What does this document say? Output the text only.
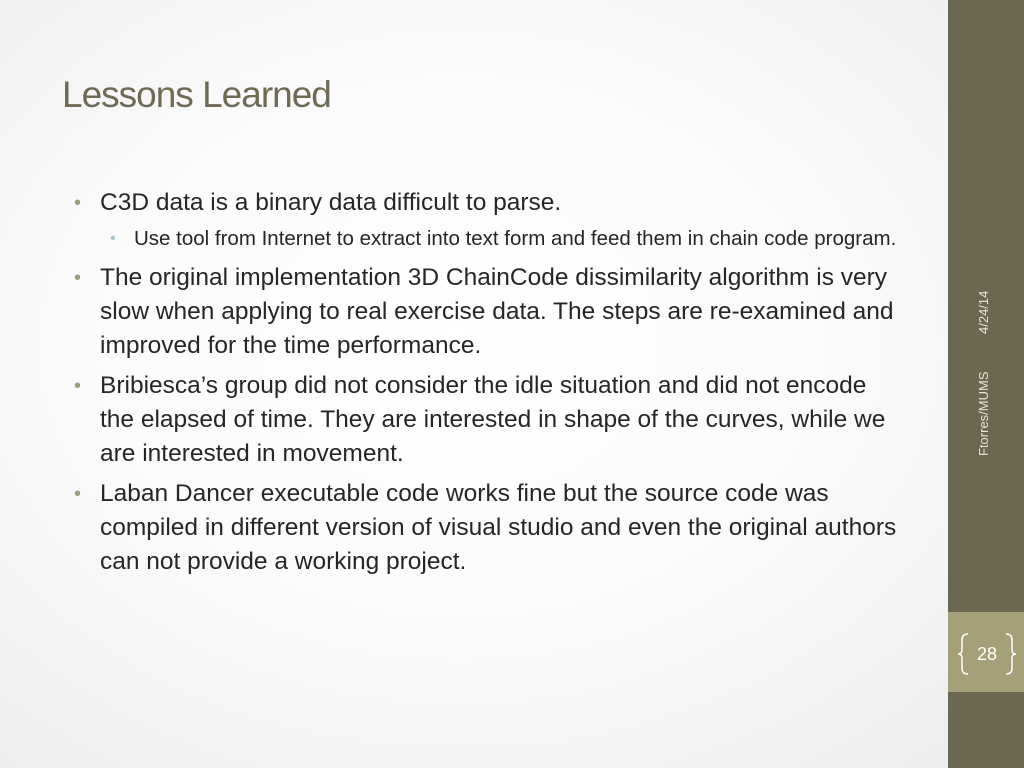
Lessons Learned
• C3D data is a binary data difficult to parse.
• Use tool from Internet to extract into text form and feed them in chain code program.
• The original implementation 3D ChainCode dissimilarity algorithm is very slow when applying to real exercise data. The steps are re-examined and improved for the time performance.
• Bribiesca’s group did not consider the idle situation and did not encode the elapsed of time. They are interested in shape of the curves, while we are interested in movement.
• Laban Dancer executable code works fine but the source code was compiled in different version of visual studio and even the original authors can not provide a working project.
4/24/14
Ftorres/MUMS
28
